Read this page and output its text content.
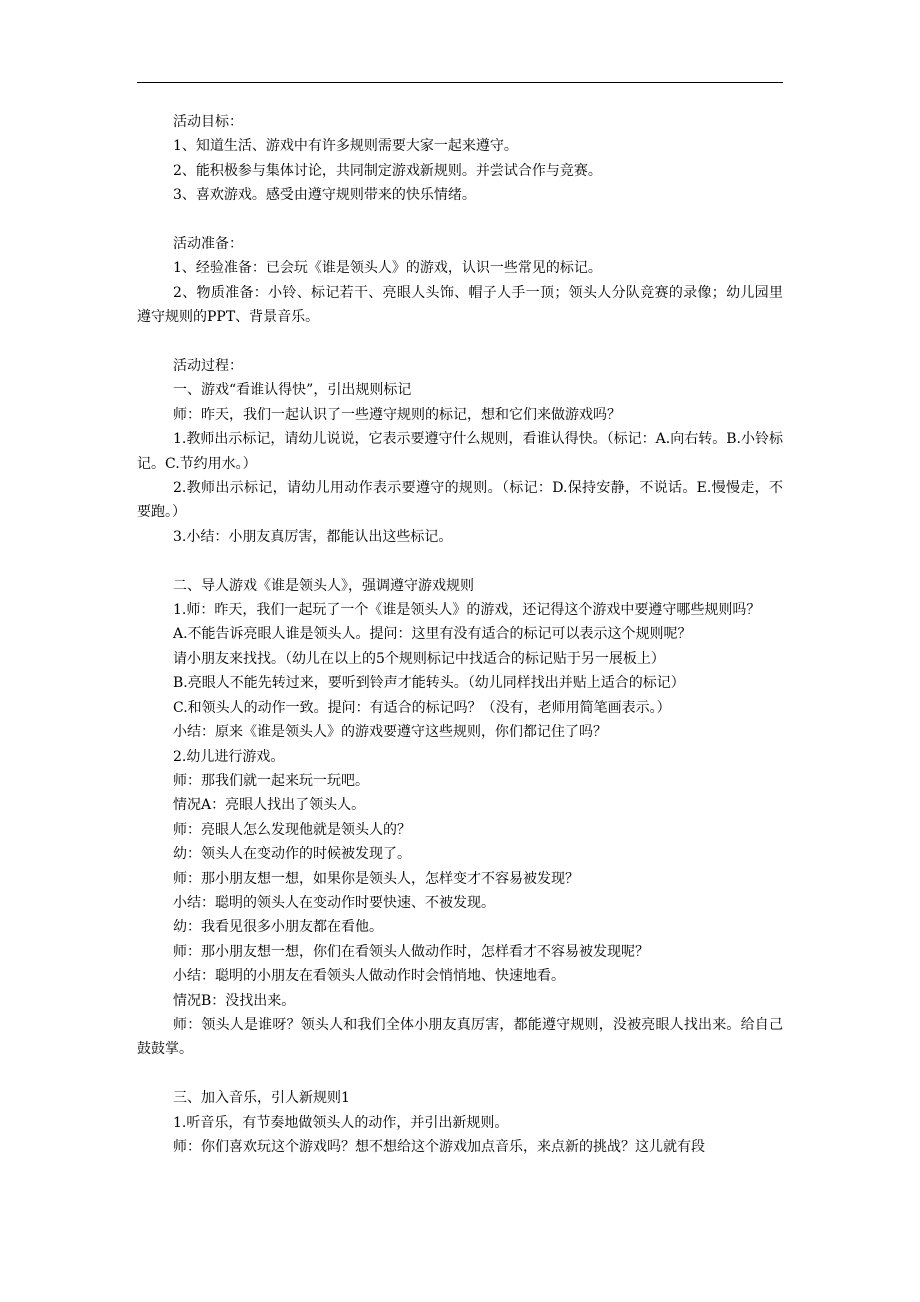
活动目标：
1、知道生活、游戏中有许多规则需要大家一起来遵守。
2、能积极参与集体讨论，共同制定游戏新规则。并尝试合作与竞赛。
3、喜欢游戏。感受由遵守规则带来的快乐情绪。
活动准备：
1、经验准备：已会玩《谁是领头人》的游戏，认识一些常见的标记。

2、物质准备：小铃、标记若干、亮眼人头饰、帽子人手一顶；领头人分队竞赛的录像；幼儿园里遵守规则的PPT、背景音乐。

活动过程：
一、游戏“看谁认得快”，引出规则标记
师：昨天，我们一起认识了一些遵守规则的标记，想和它们来做游戏吗？

1.教师出示标记，请幼儿说说，它表示要遵守什么规则，看谁认得快。（标记：A.向右转。B.小铃标记。C.节约用水。）

2.教师出示标记，请幼儿用动作表示要遵守的规则。（标记：D.保持安静，不说话。E.慢慢走，不要跑。）

3.小结：小朋友真厉害，都能认出这些标记。
二、导人游戏《谁是领头人》，强调遵守游戏规则

1.师：昨天，我们一起玩了一个《谁是领头人》的游戏，还记得这个游戏中要遵守哪些规则吗？

A.不能告诉亮眼人谁是领头人。提问：这里有没有适合的标记可以表示这个规则呢？
请小朋友来找找。（幼儿在以上的5个规则标记中找适合的标记贴于另一展板上）
B.亮眼人不能先转过来，要听到铃声才能转头。（幼儿同样找出并贴上适合的标记）
C.和领头人的动作一致。提问：有适合的标记吗？（没有，老师用简笔画表示。）
小结：原来《谁是领头人》的游戏要遵守这些规则，你们都记住了吗？
2.幼儿进行游戏。
师：那我们就一起来玩一玩吧。
情况A：亮眼人找出了领头人。
师：亮眼人怎么发现他就是领头人的？
幼：领头人在变动作的时候被发现了。
师：那小朋友想一想，如果你是领头人，怎样变才不容易被发现？
小结：聪明的领头人在变动作时要快速、不被发现。
幼：我看见很多小朋友都在看他。
师：那小朋友想一想，你们在看领头人做动作时，怎样看才不容易被发现呢？
小结：聪明的小朋友在看领头人做动作时会悄悄地、快速地看。
情况B：没找出来。

师：领头人是谁呀？领头人和我们全体小朋友真厉害，都能遵守规则，没被亮眼人找出来。给自己鼓鼓掌。

三、加入音乐，引人新规则1
1.听音乐，有节奏地做领头人的动作，并引出新规则。
师：你们喜欢玩这个游戏吗？想不想给这个游戏加点音乐，来点新的挑战？这儿就有段
